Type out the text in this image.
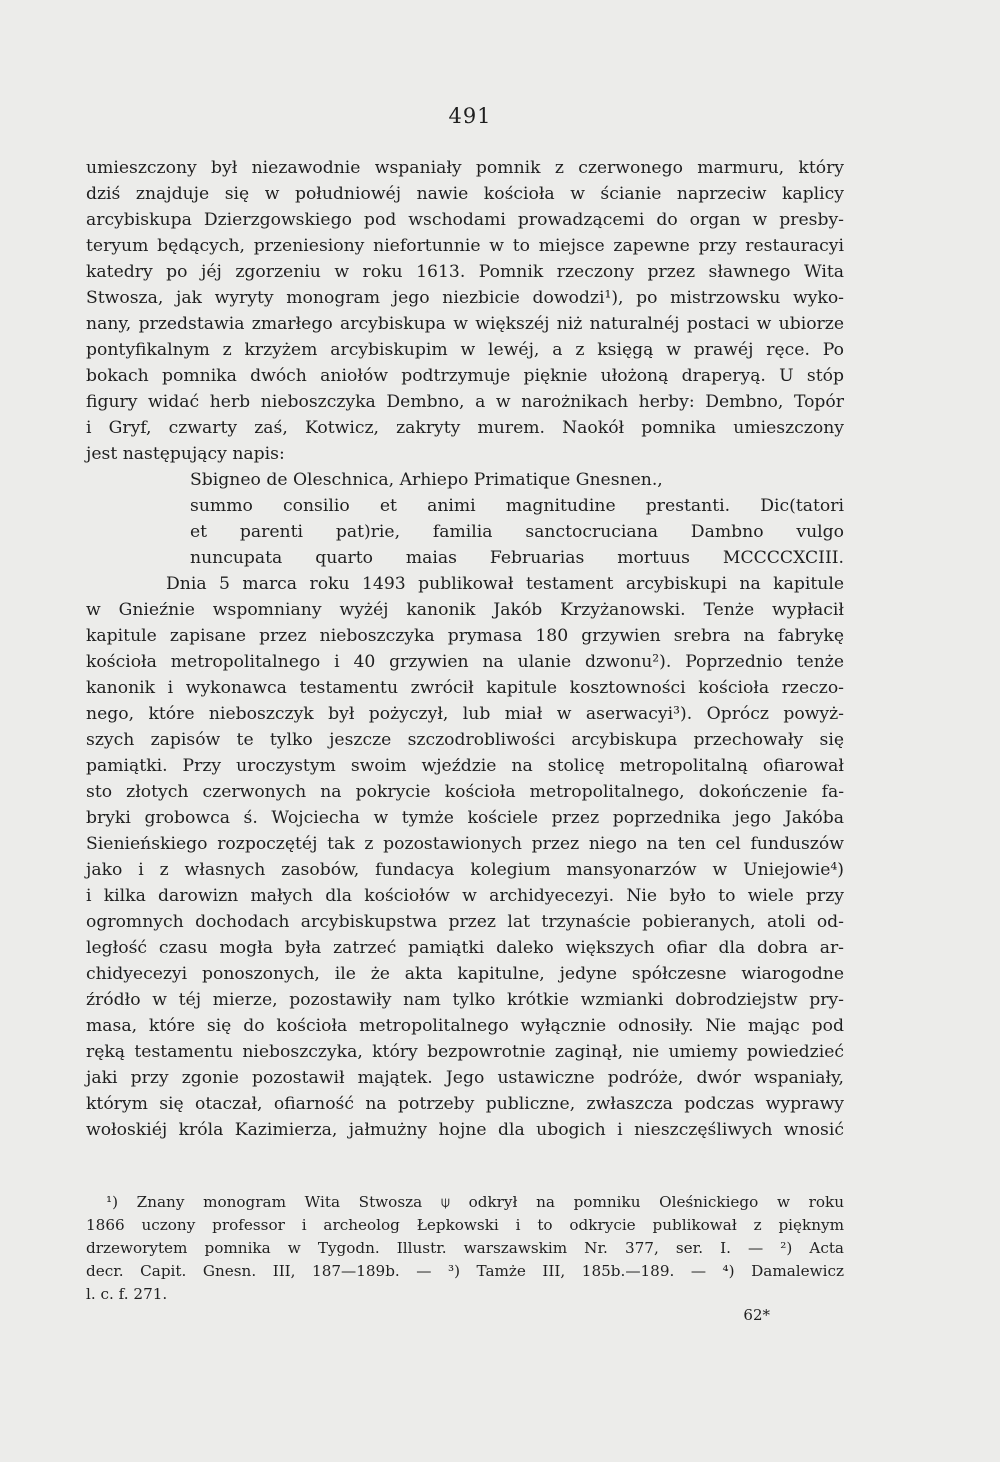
491
umieszczony był niezawodnie wspaniały pomnik z czerwonego marmuru, który
dziś znajduje się w południowéj nawie kościoła w ścianie naprzeciw kaplicy
arcybiskupa Dzierzgowskiego pod wschodami prowadzącemi do organ w presby-
teryum będących, przeniesiony niefortunnie w to miejsce zapewne przy restauracyi
katedry po jéj zgorzeniu w roku 1613. Pomnik rzeczony przez sławnego Wita
Stwosza, jak wyryty monogram jego niezbicie dowodzi¹), po mistrzowsku wyko-
nany, przedstawia zmarłego arcybiskupa w większéj niż naturalnéj postaci w ubiorze
pontyfikalnym z krzyżem arcybiskupim w lewéj, a z księgą w prawéj ręce. Po
bokach pomnika dwóch aniołów podtrzymuje pięknie ułożoną draperyą. U stóp
figury widać herb nieboszczyka Dembno, a w narożnikach herby: Dembno, Topór
i Gryf, czwarty zaś, Kotwicz, zakryty murem. Naokół pomnika umieszczony
jest następujący napis:
Sbigneo de Oleschnica, Arhiepo Primatique Gnesnen.,
summo consilio et animi magnitudine prestanti. Dic(tatori
et parenti pat)rie, familia sanctocruciana Dambno vulgo
nuncupata quarto maias Februarias mortuus MCCCCXCIII.
Dnia 5 marca roku 1493 publikował testament arcybiskupi na kapitule
w Gnieźnie wspomniany wyżéj kanonik Jakób Krzyżanowski. Tenże wypłacił
kapitule zapisane przez nieboszczyka prymasa 180 grzywien srebra na fabrykę
kościoła metropolitalnego i 40 grzywien na ulanie dzwonu²). Poprzednio tenże
kanonik i wykonawca testamentu zwrócił kapitule kosztowności kościoła rzeczo-
nego, które nieboszczyk był pożyczył, lub miał w aserwacyi³). Oprócz powyż-
szych zapisów te tylko jeszcze szczodrobliwości arcybiskupa przechowały się
pamiątki. Przy uroczystym swoim wjeździe na stolicę metropolitalną ofiarował
sto złotych czerwonych na pokrycie kościoła metropolitalnego, dokończenie fa-
bryki grobowca ś. Wojciecha w tymże kościele przez poprzednika jego Jakóba
Sienieńskiego rozpoczętéj tak z pozostawionych przez niego na ten cel funduszów
jako i z własnych zasobów, fundacya kolegium mansyonarzów w Uniejowie⁴)
i kilka darowizn małych dla kościołów w archidyecezyi. Nie było to wiele przy
ogromnych dochodach arcybiskupstwa przez lat trzynaście pobieranych, atoli od-
ległość czasu mogła była zatrzeć pamiątki daleko większych ofiar dla dobra ar-
chidyecezyi ponoszonych, ile że akta kapitulne, jedyne spółczesne wiarogodne
źródło w téj mierze, pozostawiły nam tylko krótkie wzmianki dobrodziejstw pry-
masa, które się do kościoła metropolitalnego wyłącznie odnosiły. Nie mając pod
ręką testamentu nieboszczyka, który bezpowrotnie zaginął, nie umiemy powiedzieć
jaki przy zgonie pozostawił majątek. Jego ustawiczne podróże, dwór wspaniały,
którym się otaczał, ofiarność na potrzeby publiczne, zwłaszcza podczas wyprawy
wołoskiéj króla Kazimierza, jałmużny hojne dla ubogich i nieszczęśliwych wnosić
¹) Znany monogram Wita Stwosza ⍦ odkrył na pomniku Oleśnickiego w roku
1866 uczony professor i archeolog Łepkowski i to odkrycie publikował z pięknym
drzeworytem pomnika w Tygodn. Illustr. warszawskim Nr. 377, ser. I. — ²) Acta
decr. Capit. Gnesn. III, 187—189b. — ³) Tamże III, 185b.—189. — ⁴) Damalewicz
l. c. f. 271.
62*
